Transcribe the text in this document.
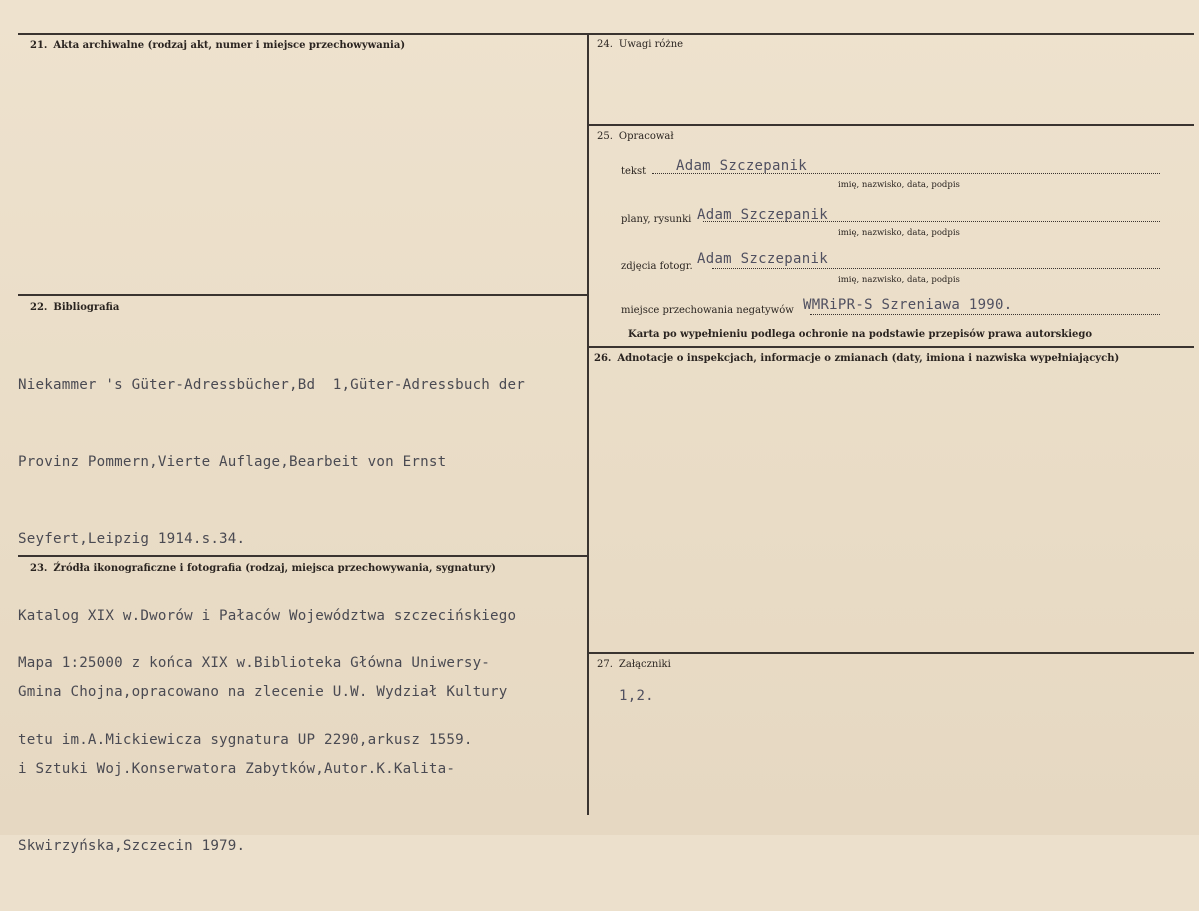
21. Akta archiwalne (rodzaj akt, numer i miejsce przechowywania)
22. Bibliografia

Niekammer 's Güter-Adressbücher,Bd  1,Güter-Adressbuch der

Provinz Pommern,Vierte Auflage,Bearbeit von Ernst

Seyfert,Leipzig 1914.s.34.

Katalog XIX w.Dworów i Pałaców Województwa szczecińskiego

Gmina Chojna,opracowano na zlecenie U.W. Wydział Kultury

i Sztuki Woj.Konserwatora Zabytków,Autor.K.Kalita-

Skwirzyńska,Szczecin 1979.

23. Źródła ikonograficzne i fotografia (rodzaj, miejsca przechowywania, sygnatury)

Mapa 1:25000 z końca XIX w.Biblioteka Główna Uniwersy-

tetu im.A.Mickiewicza sygnatura UP 2290,arkusz 1559.

24. Uwagi różne
25. Opracował
tekst Adam Szczepanik
imię, nazwisko, data, podpis
plany, rysunki Adam Szczepanik
imię, nazwisko, data, podpis
zdjęcia fotogr. Adam Szczepanik
imię, nazwisko, data, podpis
miejsce przechowania negatywów WMRiPR-S Szreniawa 1990.
Karta po wypełnieniu podlega ochronie na podstawie przepisów prawa autorskiego
26. Adnotacje o inspekcjach, informacje o zmianach (daty, imiona i nazwiska wypełniających)
27. Załączniki
1,2.
